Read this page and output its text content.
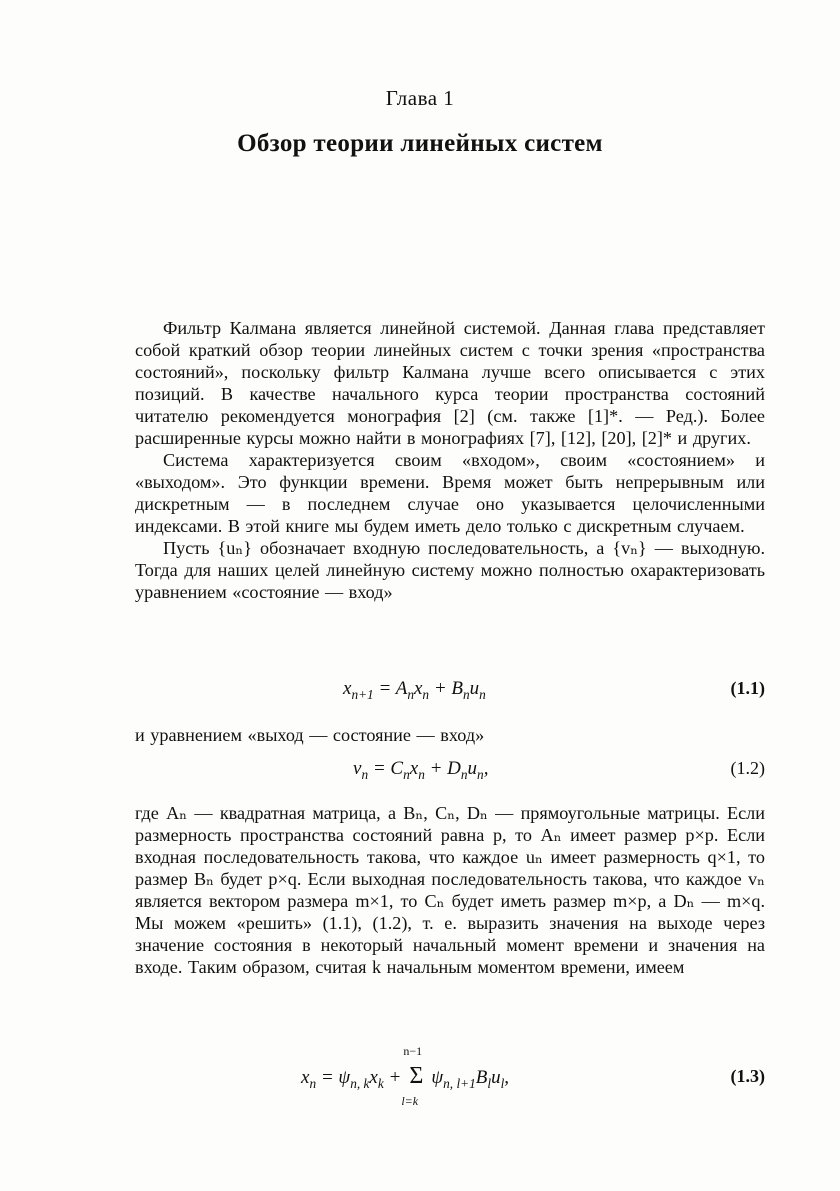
Глава 1
Обзор теории линейных систем

Фильтр Калмана является линейной системой. Данная глава представляет собой краткий обзор теории линейных систем с точки зрения «пространства состояний», поскольку фильтр Калмана лучше всего описывается с этих позиций. В качестве начального курса теории пространства состояний читателю рекомендуется монография [2] (см. также [1]*. — Ред.). Более расширенные курсы можно найти в монографиях [7], [12], [20], [2]* и других.

Система характеризуется своим «входом», своим «состоянием» и «выходом». Это функции времени. Время может быть непрерывным или дискретным — в последнем случае оно указывается целочисленными индексами. В этой книге мы будем иметь дело только с дискретным случаем.

Пусть {uₙ} обозначает входную последовательность, а {vₙ} — выходную. Тогда для наших целей линейную систему можно полностью охарактеризовать уравнением «состояние — вход»

$x_{n+1} = A_nx_n + B_nu_n$	(1.1)

и уравнением «выход — состояние — вход»

$v_n = C_nx_n + D_nu_n$,	(1.2)

где Aₙ — квадратная матрица, а Bₙ, Cₙ, Dₙ — прямоугольные матрицы. Если размерность пространства состояний равна p, то Aₙ имеет размер p×p. Если входная последовательность такова, что каждое uₙ имеет размерность q×1, то размер Bₙ будет p×q. Если выходная последовательность такова, что каждое vₙ является вектором размера m×1, то Cₙ будет иметь размер m×p, а Dₙ — m×q. Мы можем «решить» (1.1), (1.2), т. е. выразить значения на выходе через значение состояния в некоторый начальный момент времени и значения на входе. Таким образом, считая k начальным моментом времени, имеем

$x_n = \psi_{n, k}x_k$ +
n−1
Σ
l=k
$\psi_{n, l+1}B_lu_l$,	(1.3)
